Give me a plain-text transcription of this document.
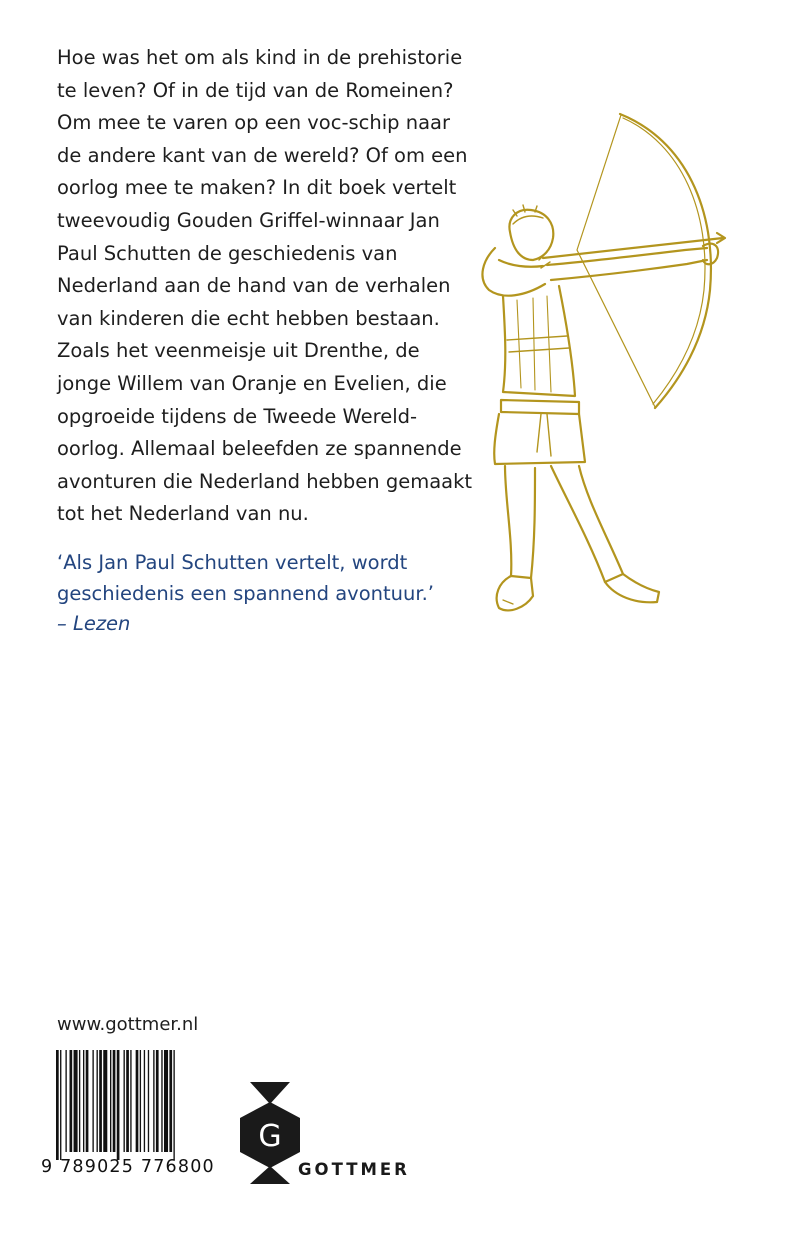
Hoe was het om als kind in de prehistorie
te leven? Of in de tijd van de Romeinen?
Om mee te varen op een voc-schip naar
de andere kant van de wereld? Of om een
oorlog mee te maken? In dit boek vertelt
tweevoudig Gouden Griffel-winnaar Jan
Paul Schutten de geschiedenis van
Nederland aan de hand van de verhalen
van kinderen die echt hebben bestaan.
Zoals het veenmeisje uit Drenthe, de
jonge Willem van Oranje en Evelien, die
opgroeide tijdens de Tweede Wereld-
oorlog. Allemaal beleefden ze spannende
avonturen die Nederland hebben gemaakt
tot het Nederland van nu.
‘Als Jan Paul Schutten vertelt, wordt
geschiedenis een spannend avontuur.’
– Lezen
www.gottmer.nl
9 789025 776800
G
GOTTMER
